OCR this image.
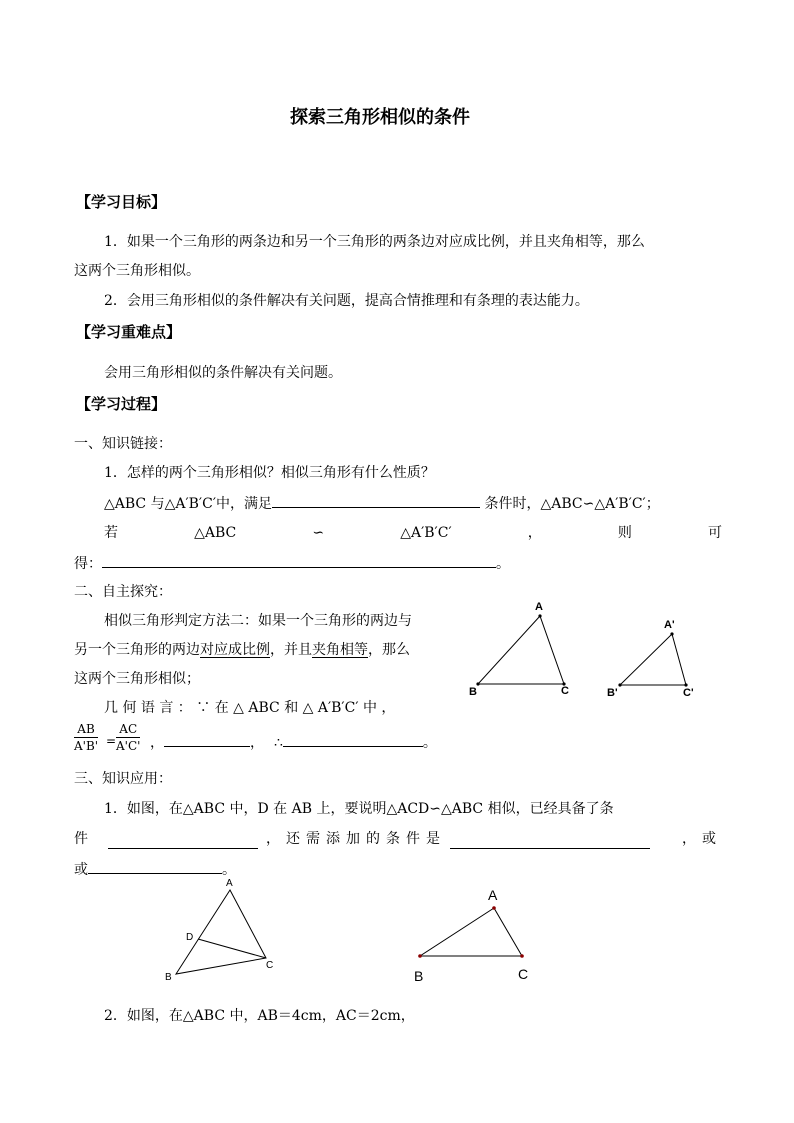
探索三角形相似的条件
【学习目标】
1．如果一个三角形的两条边和另一个三角形的两条边对应成比例，并且夹角相等，那么
这两个三角形相似。
2．会用三角形相似的条件解决有关问题，提高合情推理和有条理的表达能力。
【学习重难点】
会用三角形相似的条件解决有关问题。
【学习过程】
一、知识链接：
1．怎样的两个三角形相似？相似三角形有什么性质？
△ABC 与△A′B′C′中，满足	条件时，△ABC∽△A′B′C′；
若	△ABC	∽	△A′B′C′	，	则	可
得：	。
二、自主探究：
相似三角形判定方法二：如果一个三角形的两边与
另一个三角形的两边对应成比例，并且夹角相等，那么
这两个三角形相似；
几 何 语 言 ： ∵ 在 △ ABC 和 △ A′B′C′ 中 ，
$\frac{AB}{A'B'} = \frac{AC}{A'C'}$ ，	， ∴	。
A
B	C
A'
B'	C'
三、知识应用：
1．如图，在△ABC 中，D 在 AB 上，要说明△ACD∽△ABC 相似，已经具备了条
件	，还需添加的条件是	，或
或	。
A
B
C
D
A
B	C
2．如图，在△ABC 中，AB＝4cm，AC＝2cm，
